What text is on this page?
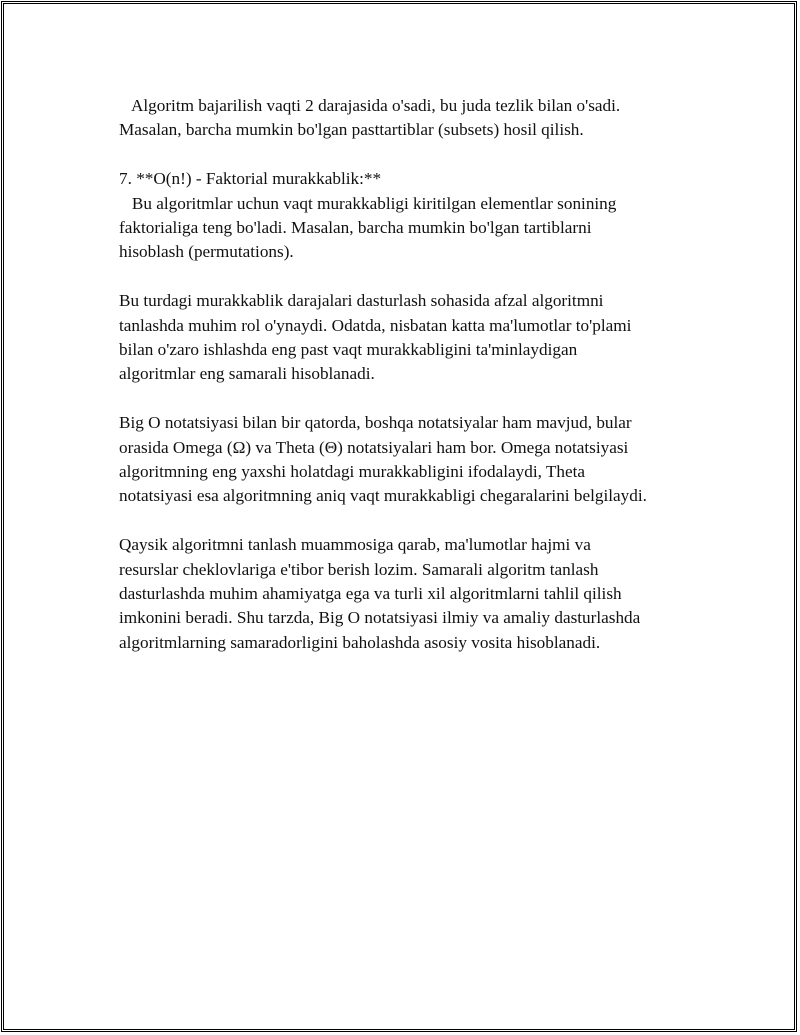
Algoritm bajarilish vaqti 2 darajasida o'sadi, bu juda tezlik bilan o'sadi.
Masalan, barcha mumkin bo'lgan pasttartiblar (subsets) hosil qilish.
7. **O(n!) - Faktorial murakkablik:**
Bu algoritmlar uchun vaqt murakkabligi kiritilgan elementlar sonining
faktorialiga teng bo'ladi. Masalan, barcha mumkin bo'lgan tartiblarni
hisoblash (permutations).
Bu turdagi murakkablik darajalari dasturlash sohasida afzal algoritmni
tanlashda muhim rol o'ynaydi. Odatda, nisbatan katta ma'lumotlar to'plami
bilan o'zaro ishlashda eng past vaqt murakkabligini ta'minlaydigan
algoritmlar eng samarali hisoblanadi.
Big O notatsiyasi bilan bir qatorda, boshqa notatsiyalar ham mavjud, bular
orasida Omega (Ω) va Theta (Θ) notatsiyalari ham bor. Omega notatsiyasi
algoritmning eng yaxshi holatdagi murakkabligini ifodalaydi, Theta
notatsiyasi esa algoritmning aniq vaqt murakkabligi chegaralarini belgilaydi.
Qaysik algoritmni tanlash muammosiga qarab, ma'lumotlar hajmi va
resurslar cheklovlariga e'tibor berish lozim. Samarali algoritm tanlash
dasturlashda muhim ahamiyatga ega va turli xil algoritmlarni tahlil qilish
imkonini beradi. Shu tarzda, Big O notatsiyasi ilmiy va amaliy dasturlashda
algoritmlarning samaradorligini baholashda asosiy vosita hisoblanadi.
